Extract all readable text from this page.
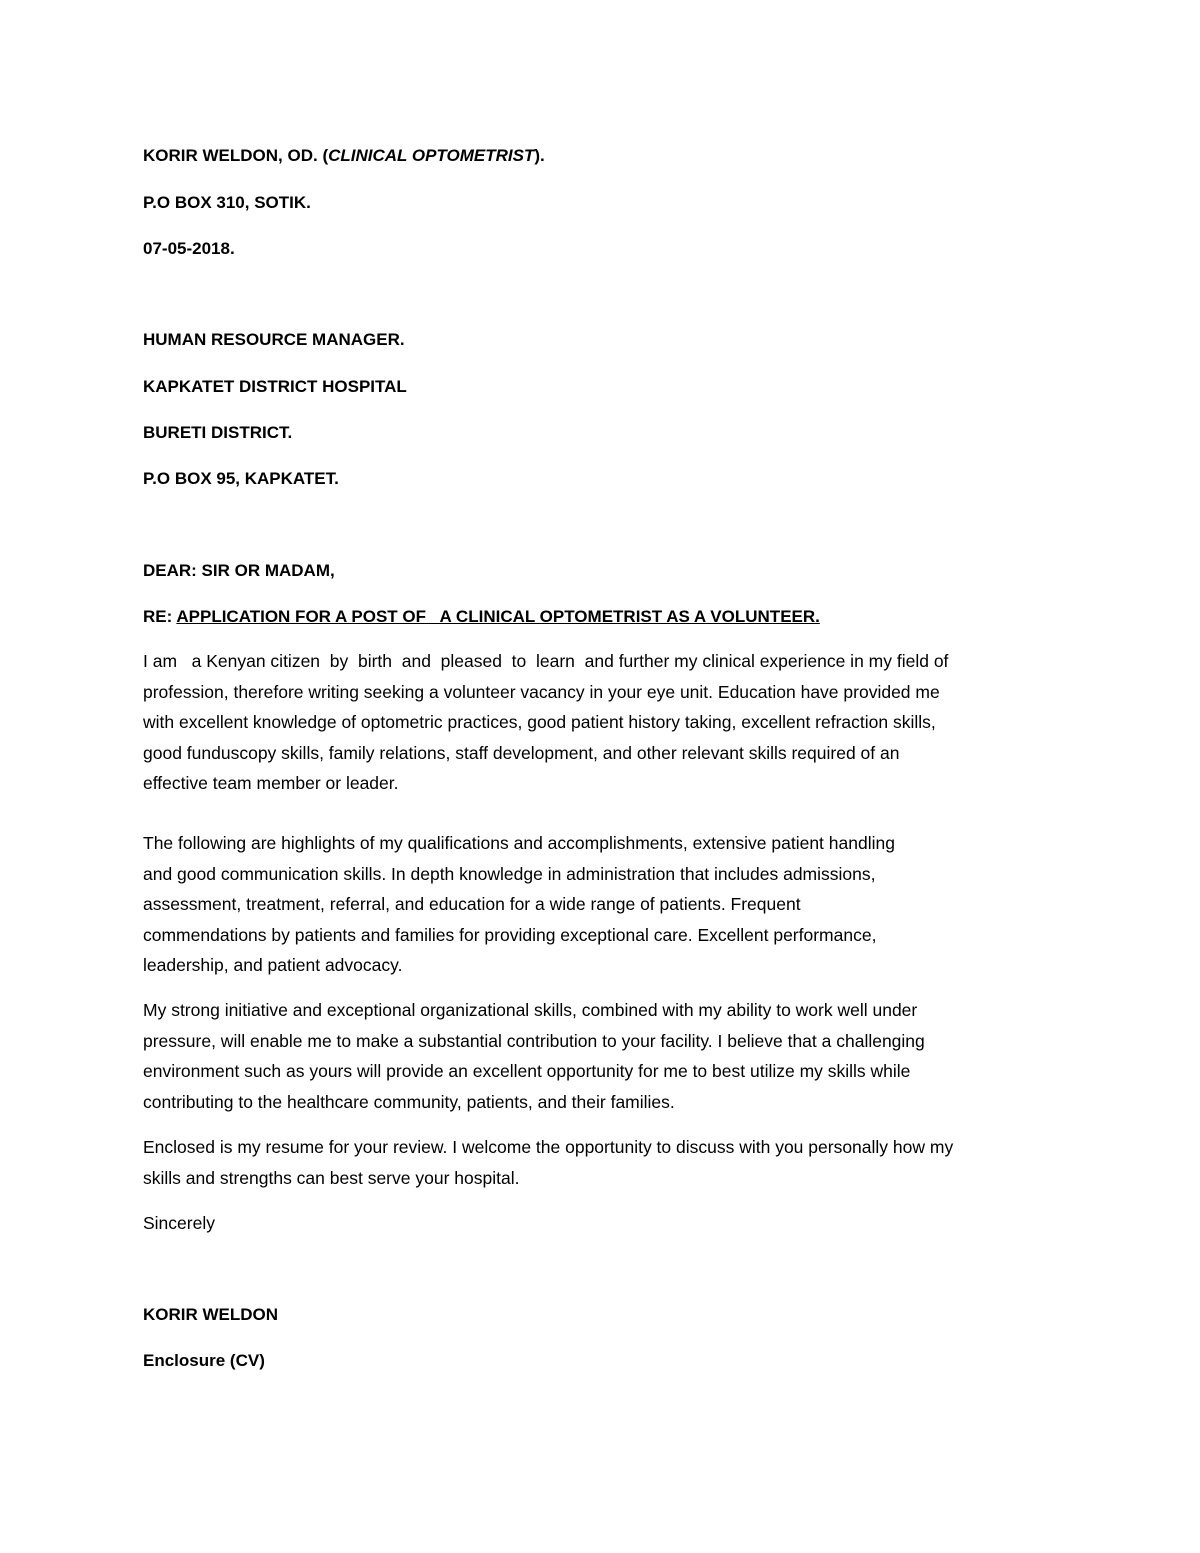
KORIR WELDON, OD. (CLINICAL OPTOMETRIST).
P.O BOX 310, SOTIK.
07-05-2018.
HUMAN RESOURCE MANAGER.
KAPKATET DISTRICT HOSPITAL
BURETI DISTRICT.
P.O BOX 95, KAPKATET.
DEAR: SIR OR MADAM,
RE: APPLICATION FOR A POST OF   A CLINICAL OPTOMETRIST AS A VOLUNTEER.
I am   a Kenyan citizen  by  birth  and  pleased  to  learn  and further my clinical experience in my field of
profession, therefore writing seeking a volunteer vacancy in your eye unit. Education have provided me
with excellent knowledge of optometric practices, good patient history taking, excellent refraction skills,
good funduscopy skills, family relations, staff development, and other relevant skills required of an
effective team member or leader.
The following are highlights of my qualifications and accomplishments, extensive patient handling
and good communication skills. In depth knowledge in administration that includes admissions,
assessment, treatment, referral, and education for a wide range of patients. Frequent
commendations by patients and families for providing exceptional care. Excellent performance,
leadership, and patient advocacy.
My strong initiative and exceptional organizational skills, combined with my ability to work well under
pressure, will enable me to make a substantial contribution to your facility. I believe that a challenging
environment such as yours will provide an excellent opportunity for me to best utilize my skills while
contributing to the healthcare community, patients, and their families.
Enclosed is my resume for your review. I welcome the opportunity to discuss with you personally how my
skills and strengths can best serve your hospital.
Sincerely
KORIR WELDON
Enclosure (CV)
